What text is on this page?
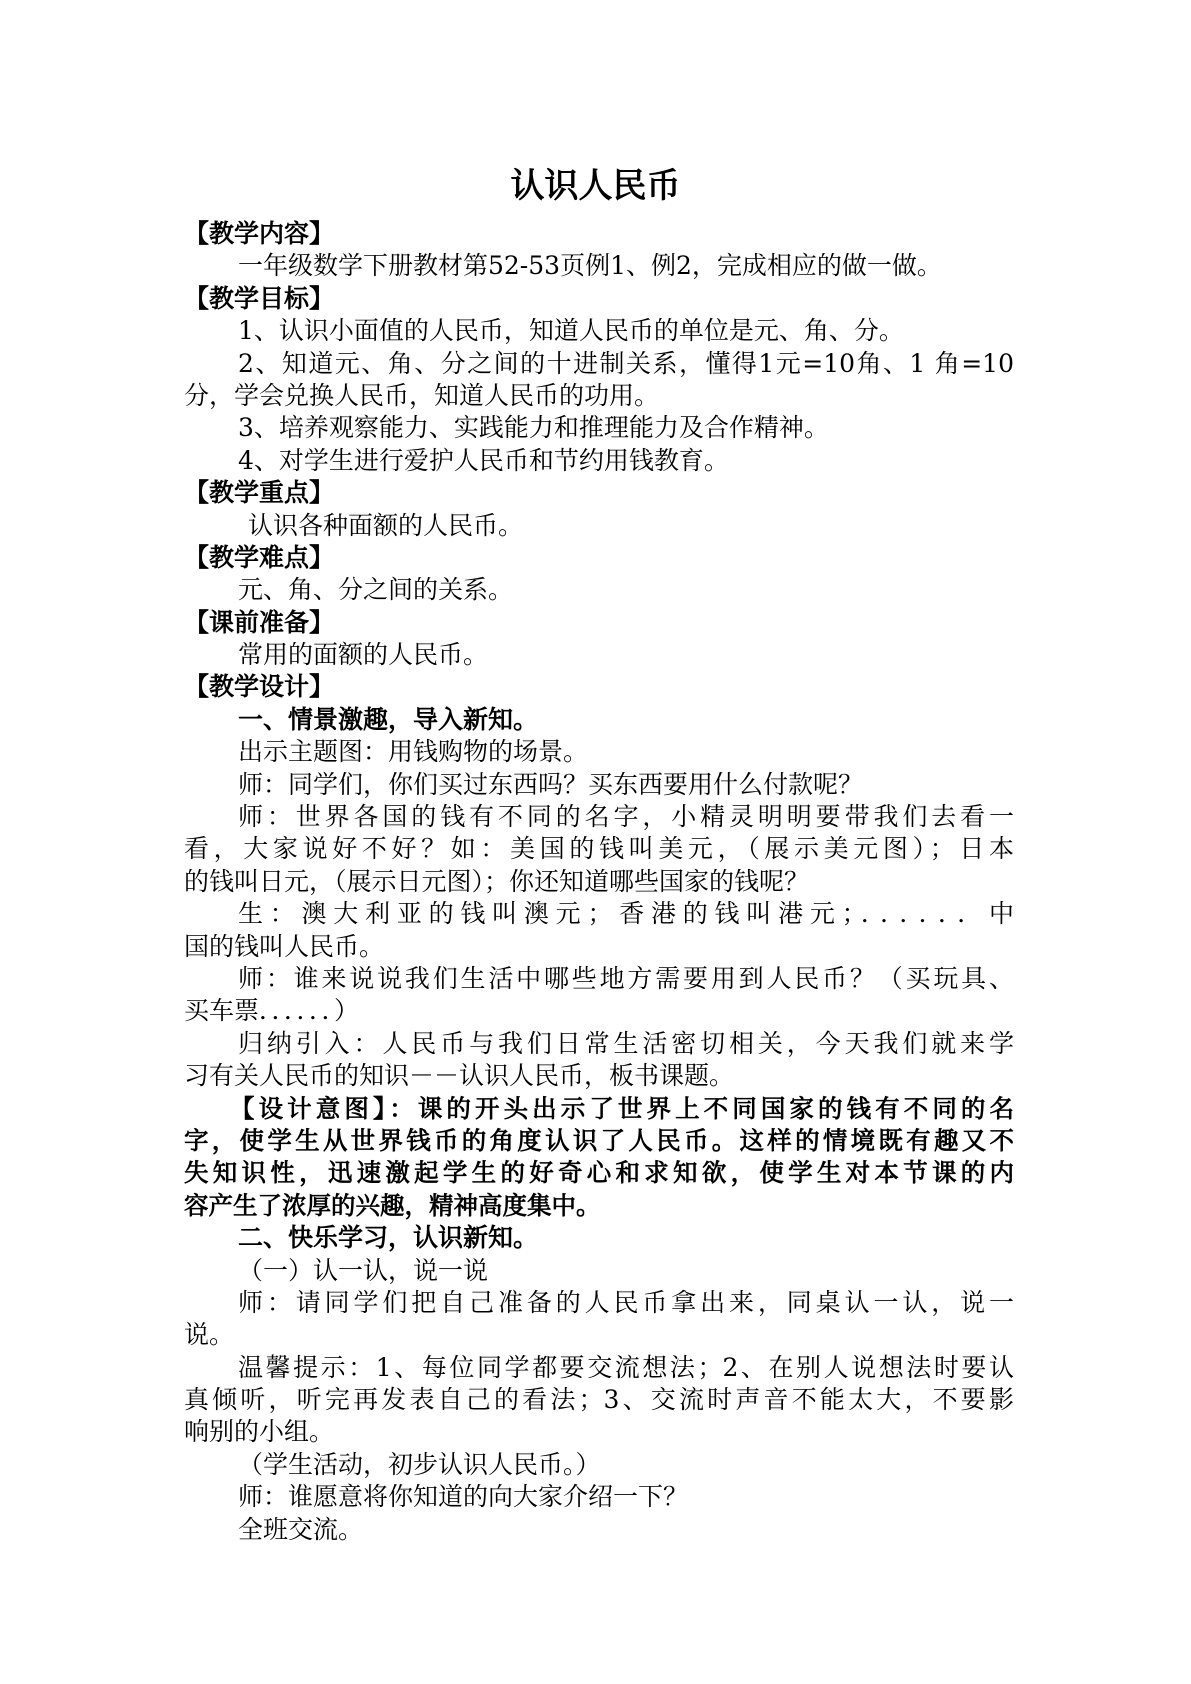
认识人民币
【教学内容】
一年级数学下册教材第52-53页例1、例2，完成相应的做一做。
【教学目标】
1、认识小面值的人民币，知道人民币的单位是元、角、分。
2、知道元、角、分之间的十进制关系，懂得1元=10角、1 角=10
分，学会兑换人民币，知道人民币的功用。
3、培养观察能力、实践能力和推理能力及合作精神。
4、对学生进行爱护人民币和节约用钱教育。
【教学重点】
认识各种面额的人民币。
【教学难点】
元、角、分之间的关系。
【课前准备】
常用的面额的人民币。
【教学设计】
一、情景激趣，导入新知。
出示主题图：用钱购物的场景。
师：同学们，你们买过东西吗？买东西要用什么付款呢？
师：世界各国的钱有不同的名字，小精灵明明要带我们去看一
看，大家说好不好？如：美国的钱叫美元，（展示美元图）；日本
的钱叫日元，（展示日元图）；你还知道哪些国家的钱呢？
生：澳大利亚的钱叫澳元；香港的钱叫港元；．．．．．．中
国的钱叫人民币。
师：谁来说说我们生活中哪些地方需要用到人民币？（买玩具、
买车票．．．．．．）
归纳引入：人民币与我们日常生活密切相关，今天我们就来学
习有关人民币的知识－－认识人民币，板书课题。
【设计意图】：课的开头出示了世界上不同国家的钱有不同的名
字，使学生从世界钱币的角度认识了人民币。这样的情境既有趣又不
失知识性，迅速激起学生的好奇心和求知欲，使学生对本节课的内
容产生了浓厚的兴趣，精神高度集中。
二、快乐学习，认识新知。
（一）认一认，说一说
师：请同学们把自己准备的人民币拿出来，同桌认一认，说一
说。
温馨提示：1、每位同学都要交流想法；2、在别人说想法时要认
真倾听，听完再发表自己的看法；3、交流时声音不能太大，不要影
响别的小组。
（学生活动，初步认识人民币。）
师：谁愿意将你知道的向大家介绍一下？
全班交流。
